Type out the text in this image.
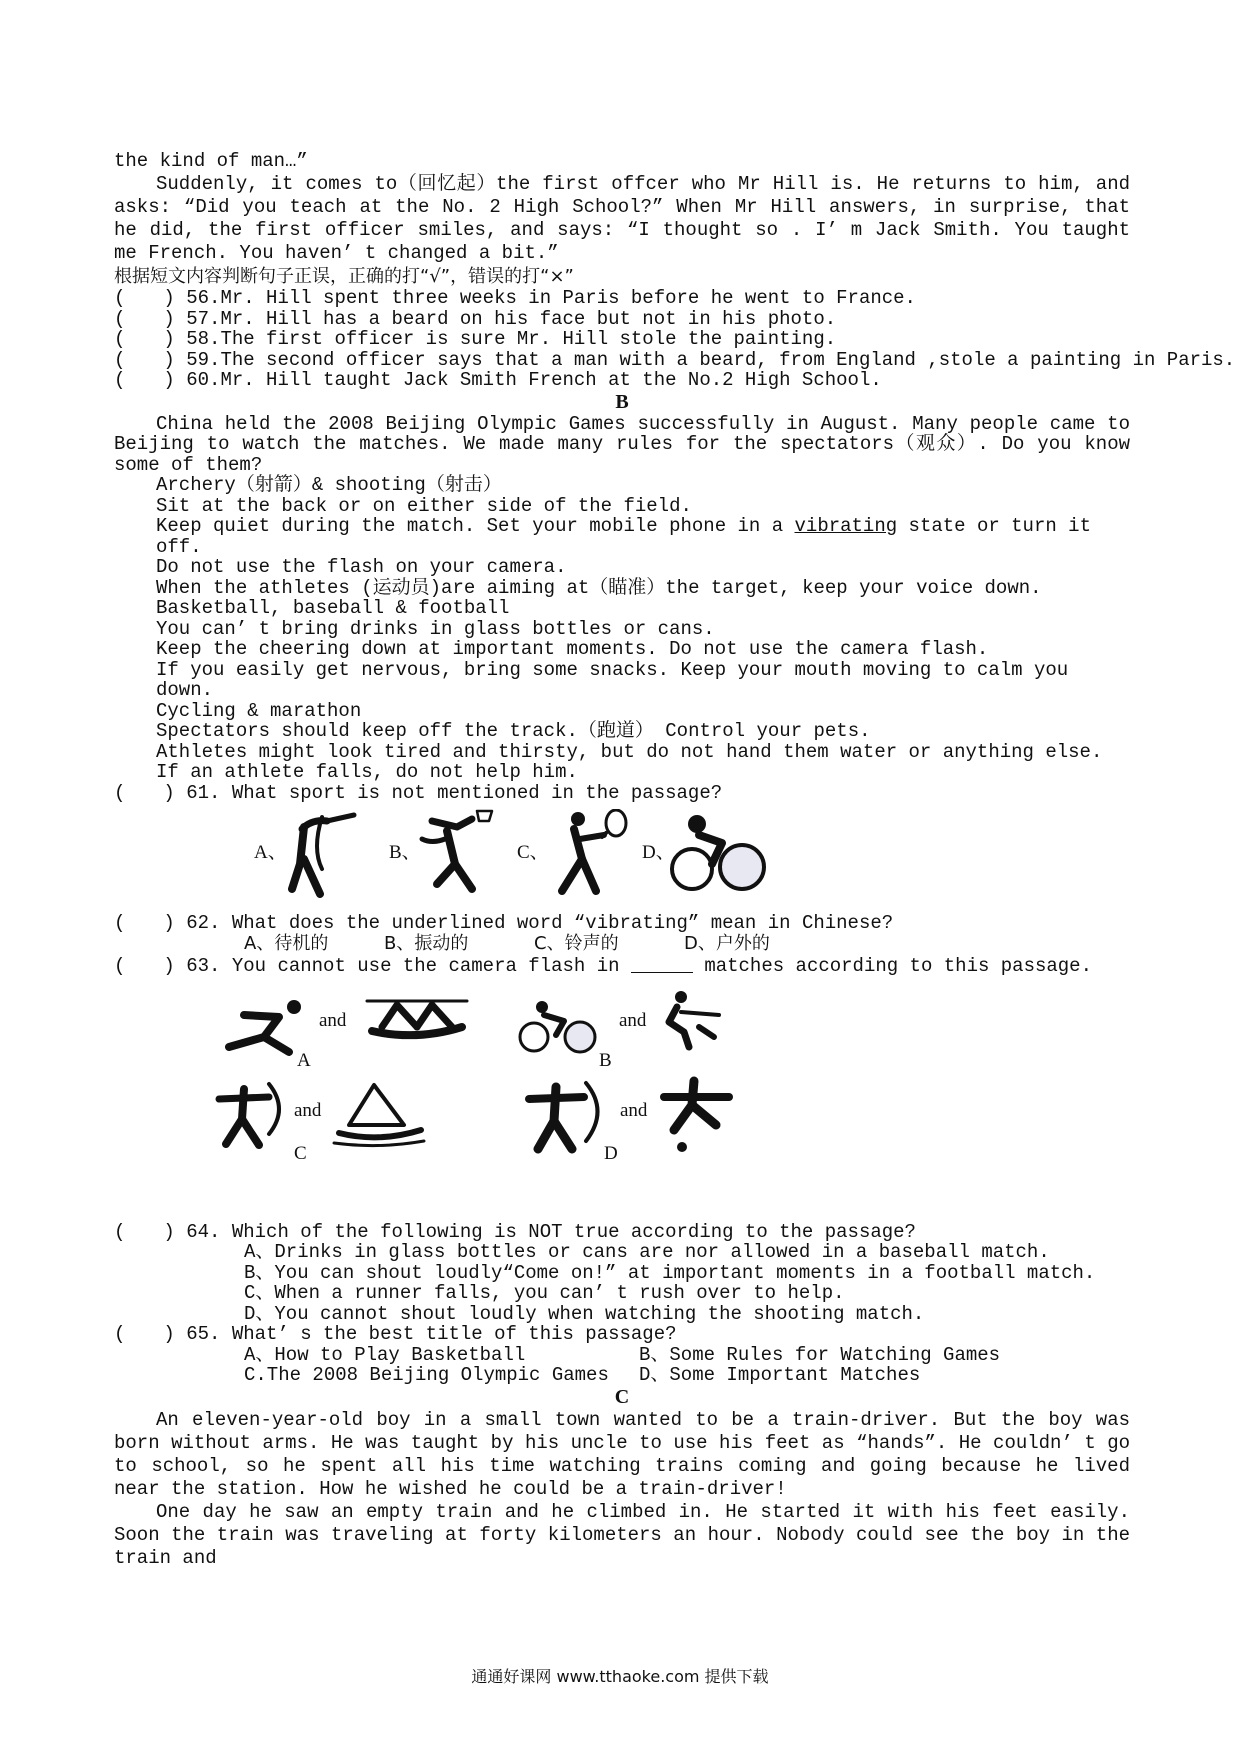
the kind of man…”

Suddenly, it comes to（回忆起）the first offcer who Mr Hill is. He returns to him, and asks: “Did you teach at the No. 2 High School?” When Mr Hill answers, in surprise, that he did, the first officer smiles, and says: “I thought so . I’ m Jack Smith. You taught me French. You haven’ t changed a bit.”

根据短文内容判断句子正误，正确的打“√”，错误的打“×”

( ) 56.Mr. Hill spent three weeks in Paris before he went to France.

( ) 57.Mr. Hill has a beard on his face but not in his photo.

( ) 58.The first officer is sure Mr. Hill stole the painting.

( ) 59.The second officer says that a man with a beard, from England ,stole a painting in Paris.

( ) 60.Mr. Hill taught Jack Smith French at the No.2 High School.

B

China held the 2008 Beijing Olympic Games successfully in August. Many people came to Beijing to watch the matches. We made many rules for the spectators（观众）. Do you know some of them?

Archery（射箭）& shooting（射击）

Sit at the back or on either side of the field.

Keep quiet during the match. Set your mobile phone in a vibrating state or turn it off.

Do not use the flash on your camera.

When the athletes (运动员)are aiming at（瞄准）the target, keep your voice down.

Basketball, baseball & football

You can’ t bring drinks in glass bottles or cans.

Keep the cheering down at important moments. Do not use the camera flash.

If you easily get nervous, bring some snacks. Keep your mouth moving to calm you down.

Cycling & marathon

Spectators should keep off the track.（跑道） Control your pets.

Athletes might look tired and thirsty, but do not hand them water or anything else.

If an athlete falls, do not help him.

( ) 61. What sport is not mentioned in the passage?

A、	B、	C、	D、

( ) 62. What does the underlined word “vibrating” mean in Chinese?

A、待机的	B、振动的	C、铃声的	D、户外的

( ) 63. You cannot use the camera flash in	matches according to this passage.

and
A
and
B
and
C
and
D

( ) 64. Which of the following is NOT true according to the passage?

A、Drinks in glass bottles or cans are nor allowed in a baseball match.

B、You can shout loudly“Come on!” at important moments in a football match.

C、When a runner falls, you can’ t rush over to help.

D、You cannot shout loudly when watching the shooting match.

( ) 65. What’ s the best title of this passage?

A、How to Play Basketball	B、Some Rules for Watching Games

C.The 2008 Beijing Olympic Games D、Some Important Matches

C

An eleven-year-old boy in a small town wanted to be a train-driver. But the boy was born without arms. He was taught by his uncle to use his feet as “hands”. He couldn’ t go to school, so he spent all his time watching trains coming and going because he lived near the station. How he wished he could be a train-driver!

One day he saw an empty train and he climbed in. He started it with his feet easily. Soon the train was traveling at forty kilometers an hour. Nobody could see the boy in the train and

通通好课网 www.tthaoke.com 提供下载
